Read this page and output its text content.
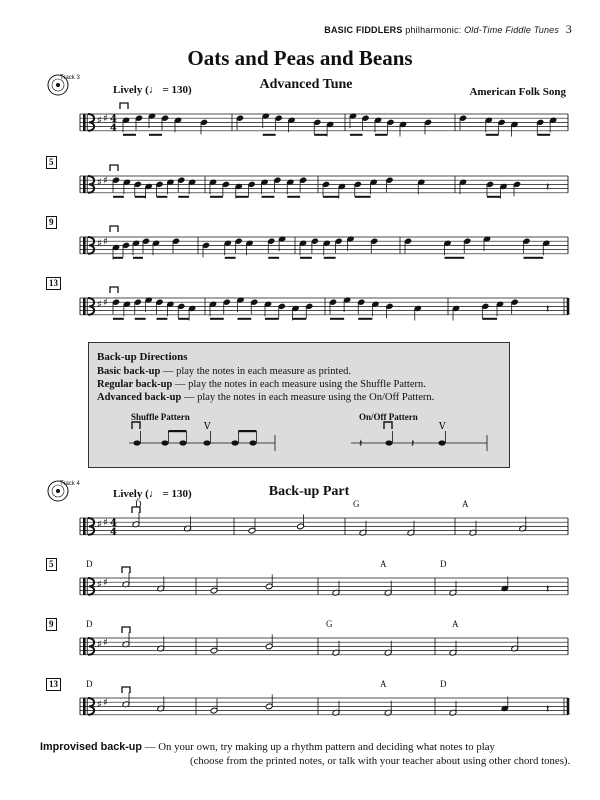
BASIC FIDDLERS philharmonic: Old-Time Fiddle Tunes 3
Oats and Peas and Beans
Advanced Tune	American Folk Song
Track 3
Lively (♩ = 130)
♯ ♯ 4
4
♯ ♯	𝄽
♯ ♯
♯ ♯	𝄽
5
9
13
Back-up Directions
Basic back-up — play the notes in each measure as printed.
Regular back-up — play the notes in each measure using the Shuffle Pattern.
Advanced back-up — play the notes in each measure using the On/Off Pattern.
Shuffle Pattern	On/Off Pattern
V
𝄽	𝄽
V
Track 4
Lively (♩ = 130)	Back-up Part
♯ ♯ 4
4
♯ ♯	𝄽
♯ ♯
♯ ♯	𝄽
5
9
13
D	G	A
D	A	D
D	G	A
D	A	D
Improvised back-up — On your own, try making up a rhythm pattern and deciding what notes to play
(choose from the printed notes, or talk with your teacher about using other chord tones).
